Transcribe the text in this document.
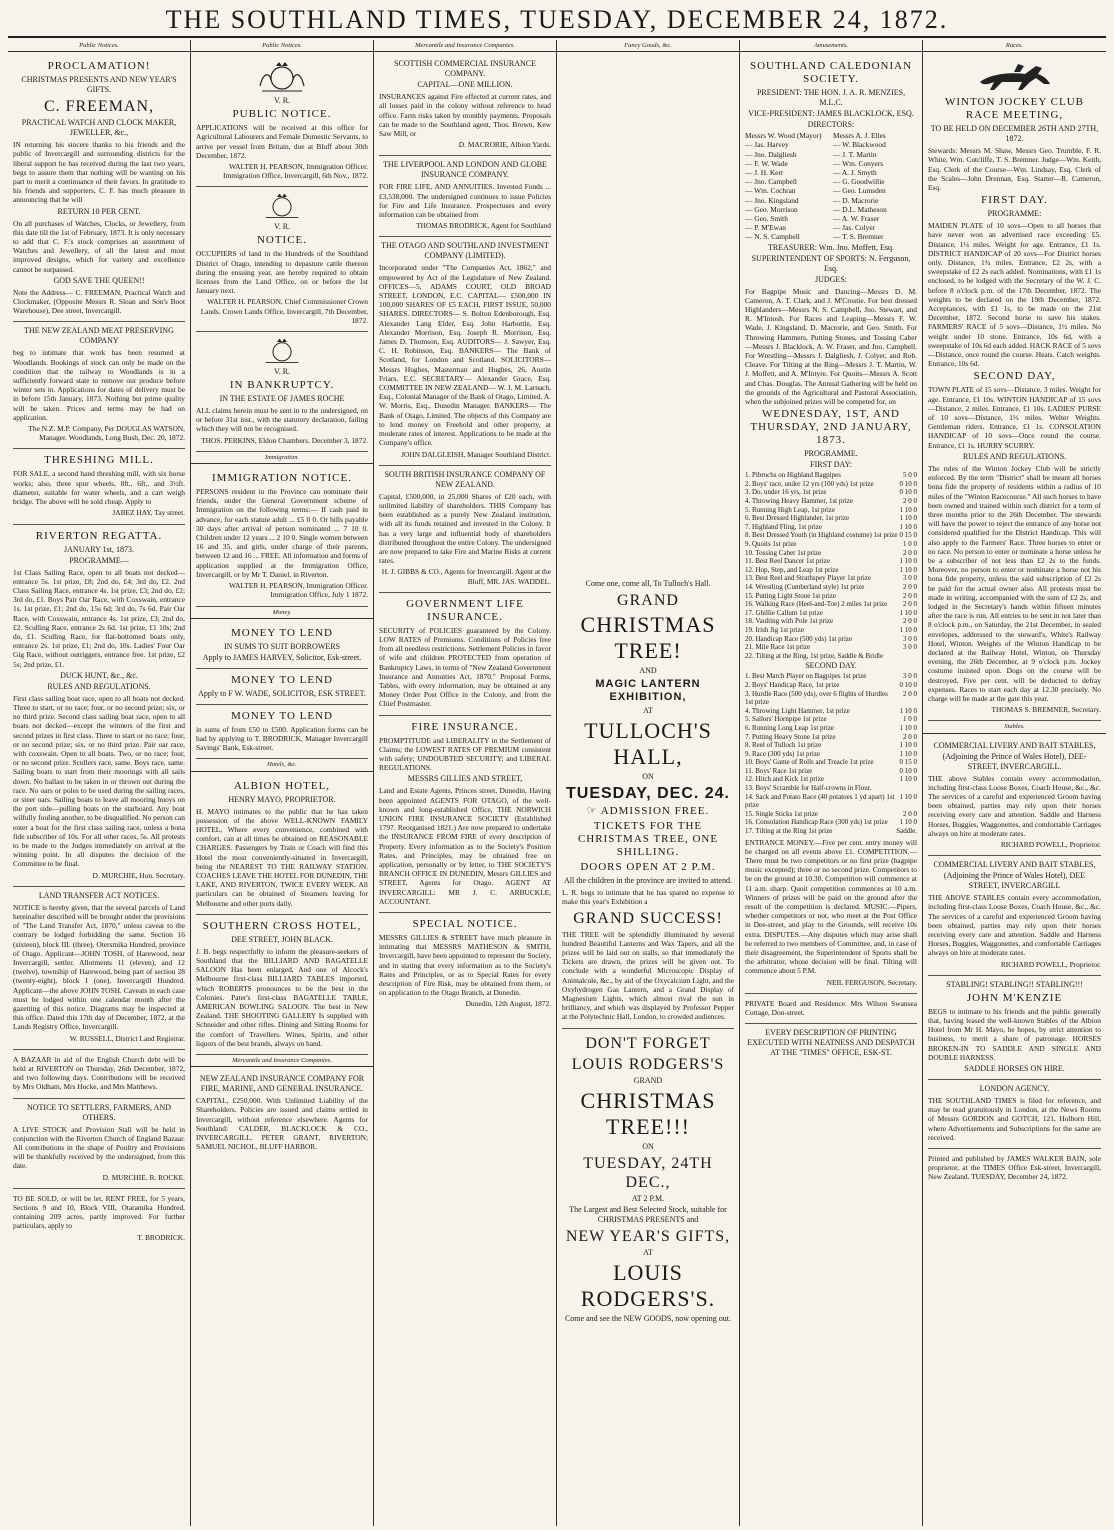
THE SOUTHLAND TIMES, TUESDAY, DECEMBER 24, 1872.
Public Notices.
PROCLAMATION!
CHRISTMAS PRESENTS AND NEW YEAR'S GIFTS.
C. FREEMAN,
PRACTICAL WATCH AND CLOCK MAKER, JEWELLER, &c.,
IN returning his sincere thanks to his friends and the public of Invercargill and surrounding districts for the liberal support he has received during the last two years, begs to assure them that nothing will be wanting on his part to merit a continuance of their favors. In gratitude to his friends and supporters, C. F. has much pleasure in announcing that he will
RETURN 10 PER CENT.
On all purchases of Watches, Clocks, or Jewellery, from this date till the 1st of February, 1873. It is only necessary to add that C. F.'s stock comprises an assortment of Watches and Jewellery, of all the latest and most improved designs, which for variety and excellence cannot be surpassed.
GOD SAVE THE QUEEN!!
Note the Address— C. FREEMAN, Practical Watch and Clockmaker, (Opposite Messrs R. Sloan and Son's Boot Warehouse), Dee street, Invercargill.
THE NEW ZEALAND MEAT PRESERVING COMPANY
beg to intimate that work has been resumed at Woodlands. Bookings of stock can only be made on the condition that the railway to Woodlands is in a sufficiently forward state to remove our produce before winter sets in. Applications for dates of delivery must be in before 15th January, 1873. Nothing but prime quality will be taken. Prices and terms may be had on application.
The N.Z. M.P. Company, Per DOUGLAS WATSON, Manager. Woodlands, Long Bush, Dec. 20, 1872.
THRESHING MILL.
FOR SALE, a second hand threshing mill, with six horse works; also, three spur wheels, 8ft., 6ft., and 3½ft. diameter, suitable for water wheels, and a cart weigh bridge. The above will be sold cheap. Apply to
JABEZ HAY, Tay street.
RIVERTON REGATTA.
JANUARY 1st, 1873.
PROGRAMME—
1st Class Sailing Race, open to all boats not decked—entrance 5s. 1st prize, £8; 2nd do, £4; 3rd do, £2. 2nd Class Sailing Race, entrance 4s. 1st prize, £3; 2nd do, £2; 3rd do, £1. Boys Pair Oar Race, with Coxswain, entrance 1s. 1st prize, £1; 2nd do, 15s 6d; 3rd do, 7s 6d. Pair Oar Race, with Coxswain, entrance 4s. 1st prize, £3; 2nd do, £2. Sculling Race, entrance 2s 6d. 1st prize, £1 10s; 2nd do, £1. Sculling Race, for flat-bottomed boats only, entrance 2s. 1st prize, £1; 2nd do, 10s. Ladies' Four Oar Gig Race, without outriggers, entrance free. 1st prize, £2 5s; 2nd prize, £1.
DUCK HUNT, &c., &c.
RULES AND REGULATIONS.
First class sailing boat race, open to all boats not decked. Three to start, or no race; four, or no second prize; six, or no third prize. Second class sailing boat race, open to all boats not decked—except the winners of the first and second prizes in first class. Three to start or no race; four, or no second prize; six, or no third prize. Pair oar race, with coxswain. Open to all boats. Two, or no race; four, or no second prize. Scullers race, same. Boys race, same. Sailing boats to start from their moorings with all sails down. No ballast to be taken in or thrown out during the race. No oars or poles to be used during the sailing races, or steer oars. Sailing boats to leave all mooring buoys on the port side—pulling boats on the starboard. Any boat wilfully fouling another, to be disqualified. No person can enter a boat for the first class sailing race, unless a bona fide subscriber of 10s. For all other races, 5s. All protests to be made to the Judges immediately on arrival at the winning point. In all disputes the decision of the Committee to be final.
D. MURCHIE, Hon. Secretary.
LAND TRANSFER ACT NOTICES.
NOTICE is hereby given, that the several parcels of Land hereinafter described will be brought under the provisions of "The Land Transfer Act, 1870," unless caveat to the contrary be lodged forbidding the same. Section 16 (sixteen), block III. (three), Otersmika Hundred, province of Otago. Applicant—JOHN TOSH, of Harewood, near Invercargill, settler. Allotments 11 (eleven), and 12 (twelve), township of Harewood, being part of section 28 (twenty-eight), block I (one), Invercargill Hundred. Applicant—the above JOHN TOSH. Caveats in each case must be lodged within one calendar month after the gazetting of this notice. Diagrams may be inspected at this office. Dated this 17th day of December, 1872, at the Lands Registry Office, Invercargill.
W. RUSSELL, District Land Registrar.
A BAZAAR in aid of the English Church debt will be held at RIVERTON on Thursday, 26th December, 1872, and two following days. Contributions will be received by Mrs Oldham, Mrs Hocke, and Mrs Matthews.
NOTICE TO SETTLERS, FARMERS, AND OTHERS.
A LIVE STOCK and Provision Stall will be held in conjunction with the Riverton Church of England Bazaar. All contributions in the shape of Poultry and Provisions will be thankfully received by the undersigned, from this date.
D. MURCHIE. R. ROCKE.
TO BE SOLD, or will be let, RENT FREE, for 5 years, Sections 9 and 10, Block VIII, Otaramika Hundred, containing 209 acres, partly improved. For further particulars, apply to
T. BRODRICK.
Public Notices.
V. R.
PUBLIC NOTICE.
APPLICATIONS will be received at this office for Agricultural Labourers and Female Domestic Servants, to arrive per vessel from Britain, due at Bluff about 30th December, 1872.
WALTER H. PEARSON, Immigration Officer. Immigration Office, Invercargill, 6th Nov., 1872.
V. R.
NOTICE.
OCCUPIERS of land in the Hundreds of the Southland District of Otago, intending to depasture cattle thereon during the ensuing year, are hereby required to obtain licenses from the Land Office, on or before the 1st January next.
WALTER H. PEARSON, Chief Commissioner Crown Lands. Crown Lands Office, Invercargill, 7th December, 1872.
V. R.
IN BANKRUPTCY.
IN THE ESTATE OF JAMES ROCHE
ALL claims herein must be sent in to the undersigned, on or before 31st inst., with the statutory declaration, failing which they will not be recognised.
THOS. PERKINS, Eldon Chambers. December 3, 1872.
Immigration.
IMMIGRATION NOTICE.
PERSONS resident in the Province can nominate their friends, under the General Government scheme of Immigration on the following terms:— If cash paid in advance, for each statute adult ... £5 0 0. Or bills payable 30 days after arrival of person nominated ... 7 10 0. Children under 12 years ... 2 10 0. Single women between 16 and 35, and girls, under charge of their parents, between 12 and 16 ... FREE. All information and forms of application supplied at the Immigration Office, Invercargill, or by Mr T. Daniel, in Riverton.
WALTER H. PEARSON, Immigration Officer. Immigration Office, July 1 1872.
Money.
MONEY TO LEND
IN SUMS TO SUIT BORROWERS
Apply to JAMES HARVEY, Solicitor, Esk-street.
MONEY TO LEND
Apply to F W. WADE, SOLICITOR, ESK STREET.
MONEY TO LEND
in sums of from £50 to £500. Application forms can be had by applying to T. BRODRICK, Manager Invercargill Savings' Bank, Esk-street.
Hotels, &c.
ALBION HOTEL,
HENRY MAYO, PROPRIETOR.
H. MAYO intimates to the public that he has taken possession of the above WELL-KNOWN FAMILY HOTEL, Where every convenience, combined with comfort, can at all times be obtained on REASONABLE CHARGES. Passengers by Train or Coach will find this Hotel the most conveniently-situated in Invercargill, being the NEAREST TO THE RAILWAY STATION. COACHES LEAVE THE HOTEL FOR DUNEDIN, THE LAKE, AND RIVERTON, TWICE EVERY WEEK. All particulars can be obtained of Steamers leaving for Melbourne and other ports daily.
SOUTHERN CROSS HOTEL,
DEE STREET, JOHN BLACK.
J. B. begs respectfully to inform the pleasure-seekers of Southland that the BILLIARD AND BAGATELLE SALOON Has been enlarged, And one of Alcock's Melbourne first-class BILLIARD TABLES imported, which ROBERTS pronounces to be the best in the Colonies. Pater's first-class BAGATELLE TABLE, AMERICAN BOWLING SALOON. The best in New Zealand. THE SHOOTING GALLERY Is supplied with Schneider and other rifles. Dining and Sitting Rooms for the comfort of Travellers. Wines, Spirits, and other liquors of the best brands, always on hand.
Mercantile and Insurance Companies.
NEW ZEALAND INSURANCE COMPANY FOR FIRE, MARINE, AND GENERAL INSURANCE.
CAPITAL, £250,000. With Unlimited Liability of the Shareholders. Policies are issued and claims settled in Invercargill, without reference elsewhere. Agents for Southland: CALDER, BLACKLOCK & CO., INVERCARGILL. PETER GRANT, RIVERTON; SAMUEL NICHOL, BLUFF HARBOR.
Mercantile and Insurance Companies.
SCOTTISH COMMERCIAL INSURANCE COMPANY.
CAPITAL—ONE MILLION.
INSURANCES against Fire effected at current rates, and all losses paid in the colony without reference to head office. Farm risks taken by monthly payments. Proposals can be made to the Southland agent, Thos. Brown, Kew Saw Mill, or
D. MACRORIE, Albion Yards.
THE LIVERPOOL AND LONDON AND GLOBE INSURANCE COMPANY.
FOR FIRE LIFE, AND ANNUITIES. Invested Funds ... £3,538,000. The undersigned continues to issue Policies for Fire and Life Insurance. Prospectuses and every information can be obtained from
THOMAS BRODRICK, Agent for Southland
THE OTAGO AND SOUTHLAND INVESTMENT COMPANY (LIMITED).
Incorporated under "The Companies Act, 1862," and empowered by Act of the Legislature of New Zealand. OFFICES—5, ADAMS COURT, OLD BROAD STREET, LONDON, E.C. CAPITAL— £500,000 IN 100,000 SHARES OF £5 EACH, FIRST ISSUE, 50,000 SHARES. DIRECTORS— S. Bolton Edenborough, Esq. Alexander Lang Elder, Esq. John Harbottle, Esq. Alexander Morrison, Esq. Joseph R. Morrison, Esq. James D. Thomson, Esq. AUDITORS— J. Sawyer, Esq. C. H. Robinson, Esq. BANKERS— The Bank of Scotland, for London and Scotland. SOLICITORS— Messrs Hughes, Masterman and Hughes, 26, Austin Friars, E.C. SECRETARY— Alexander Grace, Esq. COMMITTEE IN NEW ZEALAND— W. J. M. Larnach, Esq., Colonial Manager of the Bank of Otago, Limited. A. W. Morris, Esq., Dunedin Manager. BANKERS— The Bank of Otago, Limited. The objects of this Company are to lend money on Freehold and other property, at moderate rates of interest. Applications to be made at the Company's office.
JOHN DALGLEISH, Manager Southland District.
SOUTH BRITISH INSURANCE COMPANY OF NEW ZEALAND.
Capital, £500,000, in 25,000 Shares of £20 each, with unlimited liability of shareholders. THIS Company has been established as a purely New Zealand institution, with all its funds retained and invested in the Colony. It has a very large and influential body of shareholders distributed throughout the entire Colony. The undersigned are now prepared to take Fire and Marine Risks at current rates.
H. J. GIBBS & CO., Agents for Invercargill. Agent at the Bluff, MR. JAS. WADDEL.
GOVERNMENT LIFE INSURANCE.
SECURITY of POLICIES guaranteed by the Colony. LOW RATES of Premiums. Conditions of Policies free from all needless restrictions. Settlement Policies in favor of wife and children PROTECTED from operation of Bankruptcy Laws, in terms of "New Zealand Government Insurance and Annuities Act, 1870." Proposal Forms, Tables, with every information, may be obtained at any Money Order Post Office in the Colony, and from the Chief Postmaster.
FIRE INSURANCE.
PROMPTITUDE and LIBERALITY in the Settlement of Claims; the LOWEST RATES OF PREMIUM consistent with safety; UNDOUBTED SECURITY; and LIBERAL REGULATIONS.
MESSRS GILLIES AND STREET,
Land and Estate Agents, Princes street, Dunedin, Having been appointed AGENTS FOR OTAGO, of the well-known and long-established Office, THE NORWICH UNION FIRE INSURANCE SOCIETY (Established 1797. Reorganised 1821.) Are now prepared to undertake the INSURANCE FROM FIRE of every description of Property. Every information as to the Society's Position Rates, and Principles, may be obtained free on application, personally or by letter, to THE SOCIETY'S BRANCH OFFICE IN DUNEDIN, Messrs GILLIES and STREET, Agents for Otago. AGENT AT INVERCARGILL: MR J. C. ARBUCKLE, ACCOUNTANT.
SPECIAL NOTICE.
MESSRS GILLIES & STREET have much pleasure in intimating that MESSRS MATHESON & SMITH, Invercargill, have been appointed to represent the Society, and in stating that every information as to the Society's Rates and Principles, or as to Special Rates for every description of Fire Risk, may be obtained from them, or on application to the Otago Branch, at Dunedin.
Dunedin, 12th August, 1872.
Fancy Goods, &c.
Come one, come all, To Tulloch's Hall.
GRAND
CHRISTMAS TREE!
AND
MAGIC LANTERN EXHIBITION,
AT
TULLOCH'S HALL,
ON
TUESDAY, DEC. 24.
☞ ADMISSION FREE.
TICKETS FOR THE CHRISTMAS TREE, ONE SHILLING.
DOORS OPEN AT 2 P.M.
All the children in the province are invited to attend.
L. R. begs to intimate that he has spared no expense to make this year's Exhibition a
GRAND SUCCESS!
THE TREE will be splendidly illuminated by several hundred Beautiful Lanterns and Wax Tapers, and all the prizes will be laid out on stalls, so that immediately the Tickets are drawn, the prizes will be given out. To conclude with a wonderful Microscopic Display of Animalcule, &c., by aid of the Oxycalcium Light, and the Oxyhydrogen Gas Lantern, and a Grand Display of Magnesium Lights, which almost rival the sun in brilliancy, and which was displayed by Professor Pepper at the Polytechnic Hall, London, to crowded audiences.
DON'T FORGET
LOUIS RODGERS'S
GRAND
CHRISTMAS TREE!!!
ON
TUESDAY, 24TH DEC.,
AT 2 P.M.
The Largest and Best Selected Stock, suitable for CHRISTMAS PRESENTS and
NEW YEAR'S GIFTS,
AT
LOUIS RODGERS'S.
Come and see the NEW GOODS, now opening out.
Amusements.
SOUTHLAND CALEDONIAN SOCIETY.
PRESIDENT: THE HON. J. A. R. MENZIES, M.L.C.
VICE-PRESIDENT: JAMES BLACKLOCK, ESQ.
DIRECTORS:
Messrs W. Wood (Mayor)	Messrs A. J. Elles
— Jas. Harvey	— W. Blackwood
— Jno. Dalgliesh	— J. T. Martin
— F. W. Wade	— Wm. Conyers
— J. H. Kerr	— A. J. Smyth
— Jno. Campbell	— G. Goodwillie
— Wm. Cochran	— Geo. Lumsden
— Jno. Kingsland	— D. Macrorie
— Geo. Morrison	— D.L. Matheson
— Geo. Smith	— A. W. Fraser
— P. M'Ewan	— Jas. Colyer
— N. S. Campbell	— T. S. Bremner
TREASURER: Wm. Jno. Moffett, Esq.
SUPERINTENDENT OF SPORTS: N. Ferguson, Esq.
JUDGES:
For Bagpipe Music and Dancing—Messrs D. M. Cameron, A. T. Clark, and J. M'Crostie. For best dressed Highlanders—Messrs N. S. Campbell, Jno. Stewart, and R. M'Intosh. For Races and Leaping—Messrs F. W. Wade, J. Kingsland, D. Macrorie, and Geo. Smith. For Throwing Hammers, Putting Stones, and Tossing Caber—Messrs J. Blacklock, A. W. Fraser, and Jno. Campbell. For Wrestling—Messrs J. Dalgliesh, J. Colyer, and Rob. Cleave. For Tilting at the Ring—Messrs J. T. Martin, W. J. Moffett, and A. M'Intyre. For Quoits—Messrs A. Scott and Chas. Douglas. The Annual Gathering will be held on the grounds of the Agricultural and Pastoral Association, when the subjoined prizes will be competed for, on
WEDNESDAY, 1ST, AND THURSDAY, 2ND JANUARY, 1873.
PROGRAMME.
FIRST DAY:
1. Pibrochs on Highland Bagpipes	5 0 0
2. Boys' race, under 12 yrs (100 yds) 1st prize	0 10 0
3. Do, under 16 yrs, 1st prize	0 10 0
4. Throwing Heavy Hammer, 1st prize	2 0 0
5. Running High Leap, 1st prize	1 10 0
6. Best Dressed Highlander, 1st prize	1 10 0
7. Highland Fling, 1st prize	1 10 0
8. Best Dressed Youth (in Highland costume) 1st prize	0 15 0
9. Quoits 1st prize	1 0 0
10. Tossing Caber 1st prize	2 0 0
11. Best Reel Dancer 1st prize	1 10 0
12. Hop, Step, and Leap 1st prize	1 10 0
13. Best Reel and Strathspey Player 1st prize	3 0 0
14. Wrestling (Cumberland style) 1st prize	2 0 0
15. Putting Light Stone 1st prize	2 0 0
16. Walking Race (Heel-and-Toe) 2 miles 1st prize	2 0 0
17. Ghillie Callum 1st prize	1 10 0
18. Vaulting with Pole 1st prize	2 0 0
19. Irish Jig 1st prize	1 10 0
20. Handicap Race (500 yds) 1st prize	3 0 0
21. Mile Race 1st prize	3 0 0
22. Tilting at the Ring, 1st prize, Saddle & Bridle	
SECOND DAY.
1. Best March Player on Bagpipes 1st prize	3 0 0
2. Boys' Handicap Race, 1st prize	0 10 0
3. Hurdle Race (500 yds), over 6 flights of Hurdles 1st prize	2 0 0
4. Throwing Light Hammer, 1st prize	1 10 0
5. Sailors' Hornpipe 1st prize	1 0 0
6. Running Long Leap 1st prize	1 10 0
7. Putting Heavy Stone 1st prize	2 0 0
8. Reel of Tulloch 1st prize	1 10 0
9. Race (300 yds) 1st prize	1 10 0
10. Boys' Game of Rolls and Treacle 1st prize	0 15 0
11. Boys' Race 1st prize	0 10 0
12. Hitch and Kick 1st prize	1 10 0
13. Boys' Scramble for Half-crowns in Flour.	
14. Sack and Potato Race (40 potatoes 1 yd apart) 1st prize	1 10 0
15. Single Sticks 1st prize	2 0 0
16. Consolation Handicap Race (300 yds) 1st prize	1 10 0
17. Tilting at the Ring 1st prize	Saddle.
ENTRANCE MONEY.—Five per cent. entry money will be charged on all events above £1. COMPETITION.—There must be two competitors or no first prize (bagpipe music excepted); three or no second prize. Competitors to be on the ground at 10.30. Competition will commence at 11 a.m. sharp. Quoit competition commences at 10 a.m. Winners of prizes will be paid on the ground after the result of the competition is declared. MUSIC.—Pipers, whether competitors or not, who meet at the Post Office in Dee-street, and play to the Grounds, will receive 10s extra. DISPUTES.—Any disputes which may arise shall be referred to two members of Committee, and, in case of their disagreement, the Superintendent of Sports shall be the arbitrator, whose decision will be final. Tilting will commence about 5 P.M.
NEIL FERGUSON, Secretary.
PRIVATE Board and Residence. Mrs Wilson Swansea Cottage, Don-street.
EVERY DESCRIPTION OF PRINTING EXECUTED WITH NEATNESS AND DESPATCH AT THE "TIMES" OFFICE, ESK-ST.
Races.
WINTON JOCKEY CLUB RACE MEETING,
TO BE HELD ON DECEMBER 26TH AND 27TH, 1872.
Stewards: Messrs M. Shaw, Messrs Geo. Trumble, F. R. White, Wm. Cutcliffe, T. S. Bremner. Judge—Wm. Keith, Esq. Clerk of the Course—Wm. Lindsay, Esq. Clerk of the Scales—John Drennan, Esq. Starter—R. Cameron, Esq.
FIRST DAY.
PROGRAMME:
MAIDEN PLATE of 10 sovs—Open to all horses that have never won an advertised race exceeding £5. Distance, 1¼ miles. Weight for age. Entrance, £1 1s. DISTRICT HANDICAP of 20 sovs—For District horses only. Distance, 1¾ miles. Entrance, £2 2s, with a sweepstake of £2 2s each added. Nominations, with £1 1s enclosed, to be lodged with the Secretary of the W. J. C. before 8 o'clock p.m. of the 17th December, 1872. The weights to be declared on the 19th December, 1872. Acceptances, with £1 1s, to be made on the 21st December, 1872. Second horse to save his stakes. FARMERS' RACE of 5 sovs—Distance, 1½ miles. No weight under 10 stone. Entrance, 10s 6d, with a sweepstake of 10s 6d each added. HACK RACE of 5 sovs—Distance, once round the course. Heats. Catch weights. Entrance, 10s 6d.
SECOND DAY,
TOWN PLATE of 15 sovs—Distance, 3 miles. Weight for age. Entrance, £1 10s. WINTON HANDICAP of 15 sovs—Distance, 2 miles. Entrance, £1 10s. LADIES' PURSE of 10 sovs—Distance, 1½ miles. Welter Weights. Gentleman riders. Entrance, £1 1s. CONSOLATION HANDICAP of 10 sovs—Once round the course. Entrance, £1 1s. HURRY SCURRY.
RULES AND REGULATIONS.
The rules of the Winton Jockey Club will be strictly enforced. By the term "District" shall be meant all horses bona fide the property of residents within a radius of 10 miles of the "Winton Racecourse." All such horses to have been owned and trained within such district for a term of three months prior to the 26th December. The stewards will have the power to reject the entrance of any horse not considered qualified for the District Handicap. This will also apply to the Farmers' Race. Three horses to enter or no race. No person to enter or nominate a horse unless he be a subscriber of not less than £2 2s to the funds. Moreover, no person to enter or nominate a horse not his bona fide property, unless the said subscription of £2 2s be paid for the actual owner also. All protests must be made in writing, accompanied with the sum of £2 2s, and lodged in the Secretary's hands within fifteen minutes after the race is run. All entries to be sent in not later than 8 o'clock p.m., on Saturday, the 21st December, in sealed envelopes, addressed to the steward's, White's Railway Hotel, Winton. Weights of the Winton Handicap to be declared at the Railway Hotel, Winton, on Thursday evening, the 26th December, at 9 o'clock p.m. Jockey costume insisted upon. Dogs on the course will be destroyed. Five per cent. will be deducted to defray expenses. Races to start each day at 12.30 precisely. No charge will be made at the gate this year.
THOMAS S. BREMNER, Secretary.
Stables.
COMMERCIAL LIVERY AND BAIT STABLES,
(Adjoining the Prince of Wales Hotel), DEE-STREET, INVERCARGILL.
THE above Stables contain every accommodation, including first-class Loose Boxes, Coach House, &c., &c. The services of a careful and experienced Groom having been obtained, parties may rely upon their horses receiving every care and attention. Saddle and Harness Horses, Buggies, Waggonettes, and comfortable Carriages always on hire at moderate rates.
RICHARD POWELL, Proprietor.
COMMERCIAL LIVERY AND BAIT STABLES,
(Adjoining the Prince of Wales Hotel), DEE STREET, INVERCARGILL
THE ABOVE STABLES contain every accommodation, including first-class Loose Boxes, Coach House, &c., &c. The services of a careful and experienced Groom having been obtained, parties may rely upon their horses receiving every care and attention. Saddle and Harness Horses, Buggies, Waggonettes, and comfortable Carriages always on hire at moderate rates.
RICHARD POWELL, Proprietor.
STABLING! STABLING!! STABLING!!!
JOHN M'KENZIE
BEGS to intimate to his friends and the public generally that, having leased the well-known Stables of the Albion Hotel from Mr H. Mayo, he hopes, by strict attention to business, to merit a share of patronage. HORSES BROKEN-IN TO SADDLE AND SINGLE AND DOUBLE HARNESS.
SADDLE HORSES ON HIRE.
LONDON AGENCY.
THE SOUTHLAND TIMES is filed for reference, and may be read gratuitously in London, at the News Rooms of Messrs GORDON and GOTCH, 121, Holborn Hill, where Advertisements and Subscriptions for the same are received.
Printed and published by JAMES WALKER BAIN, sole proprietor, at the TIMES Office Esk-street, Invercargill, New Zealand. TUESDAY, December 24, 1872.
